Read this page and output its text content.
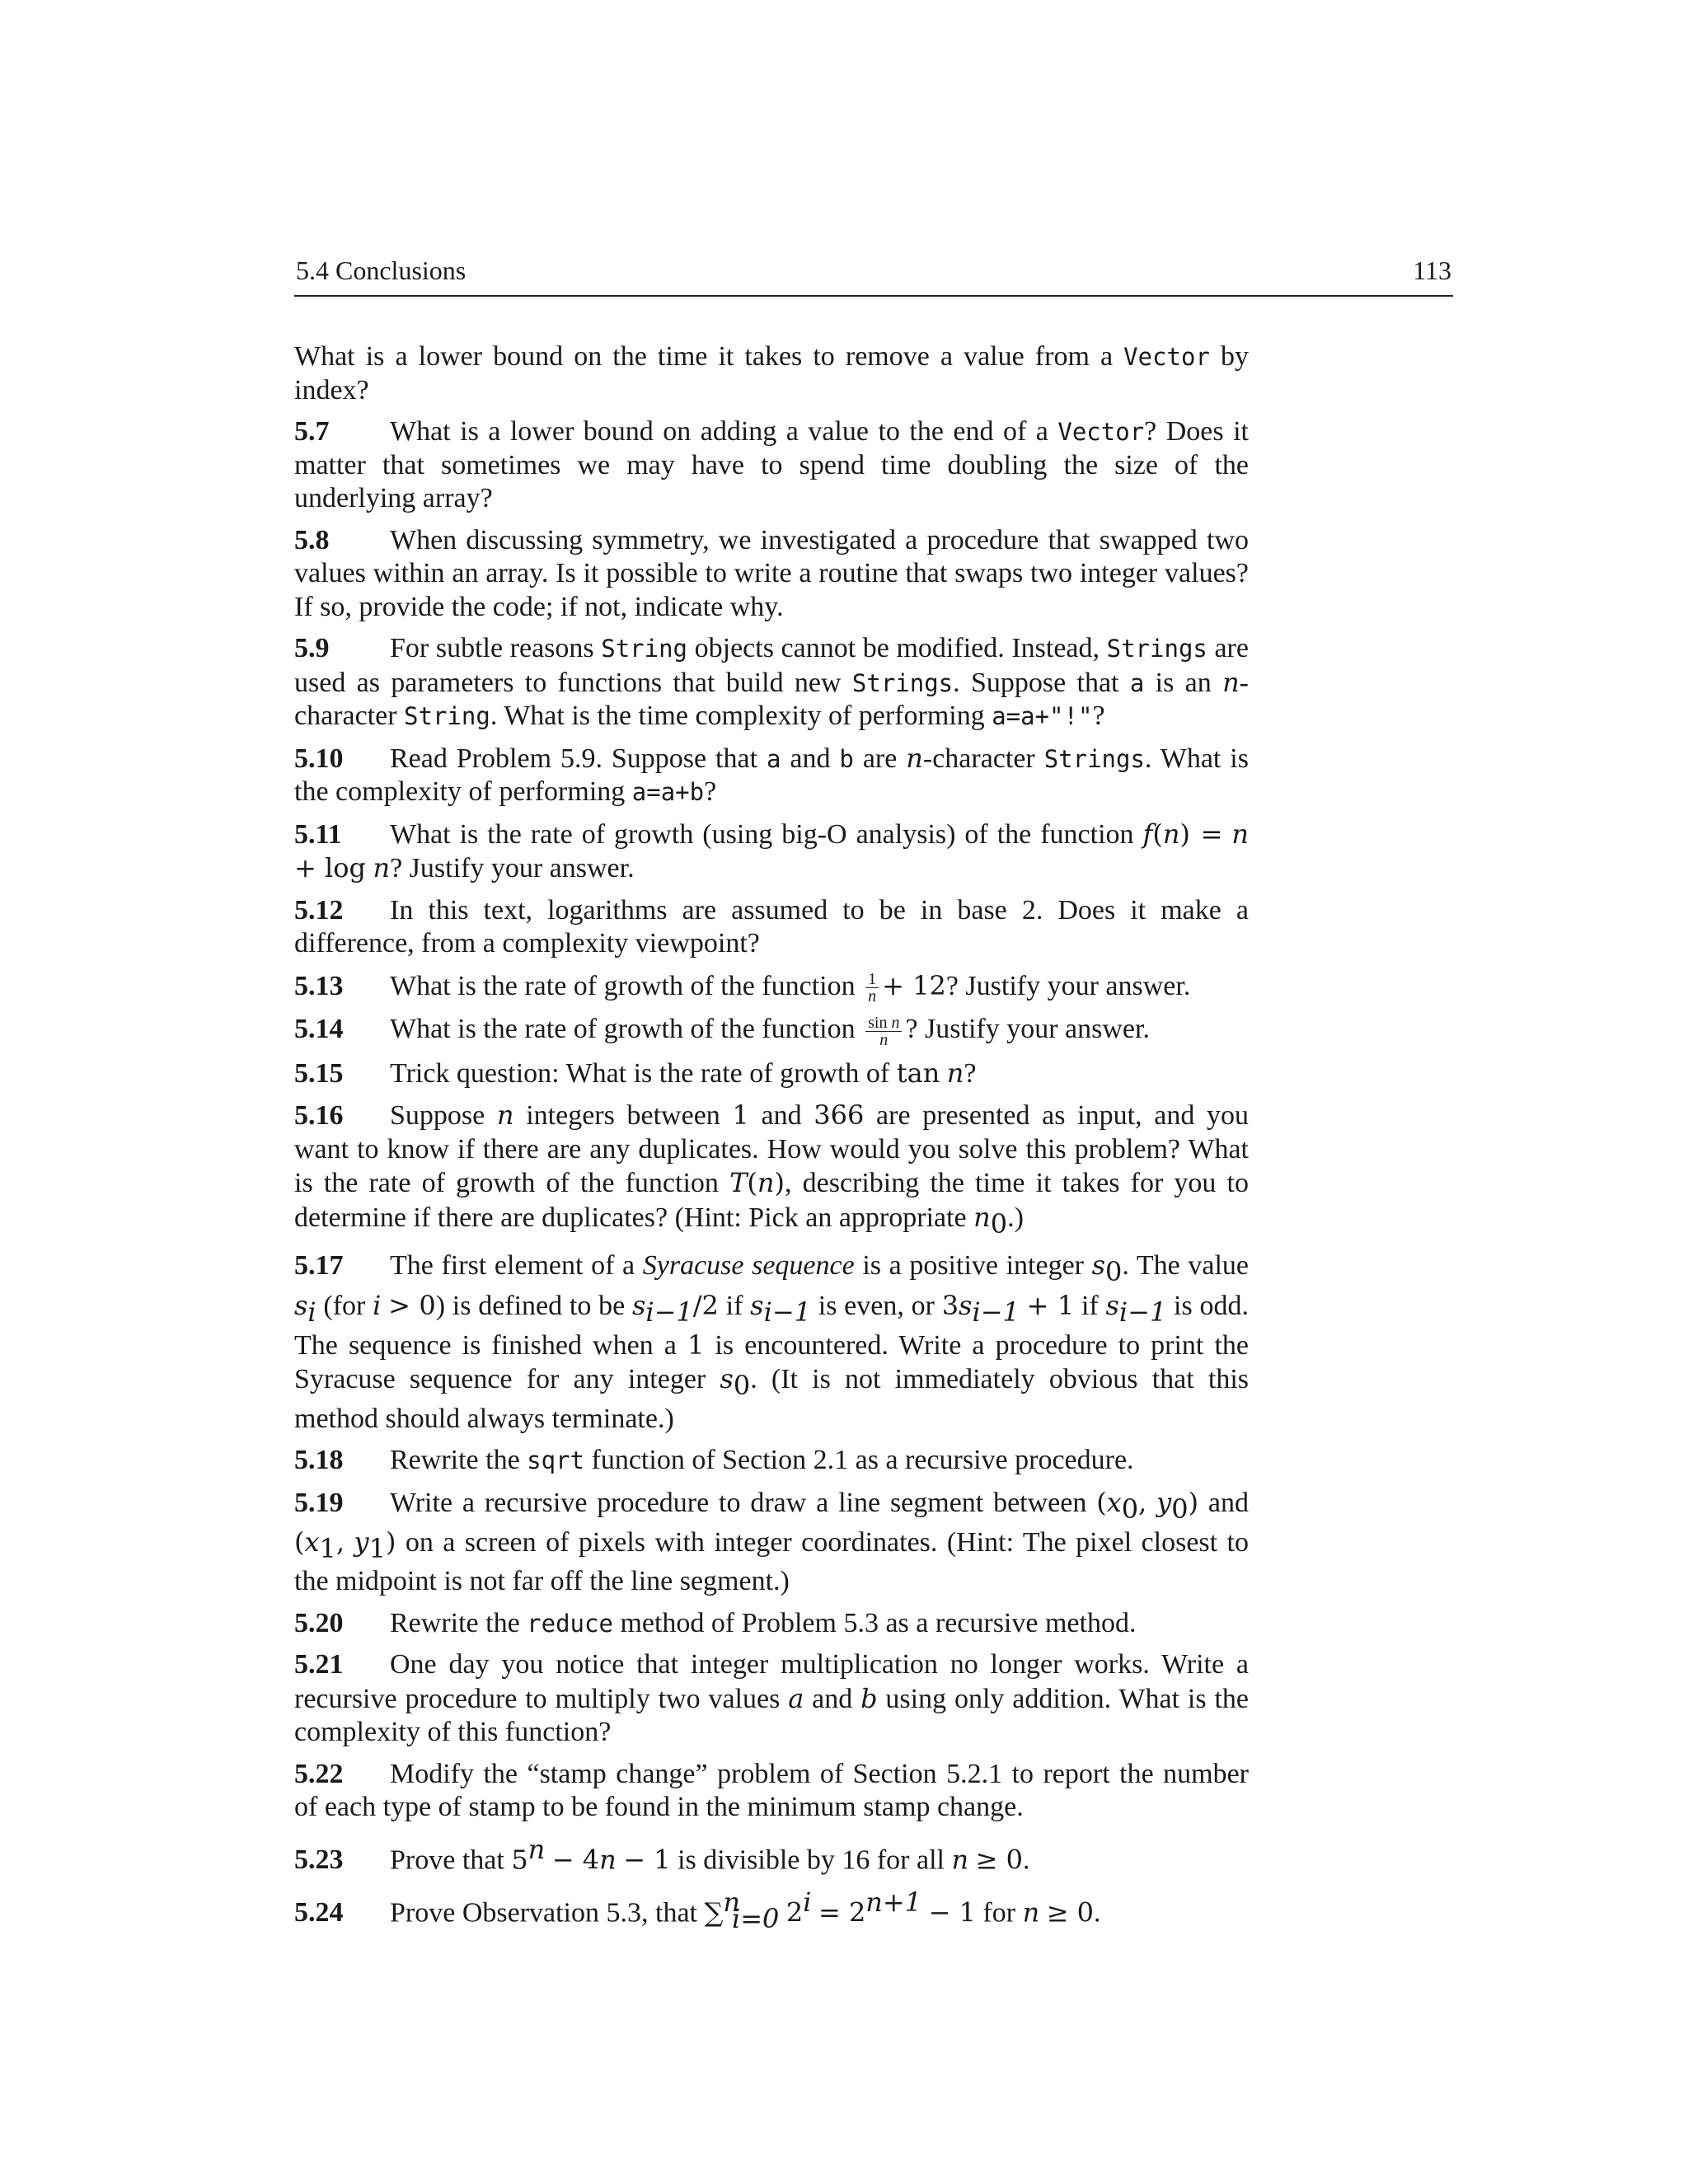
5.4 Conclusions	113

What is a lower bound on the time it takes to remove a value from a Vector by index?

5.7 What is a lower bound on adding a value to the end of a Vector? Does it matter that sometimes we may have to spend time doubling the size of the underlying array?

5.8 When discussing symmetry, we investigated a procedure that swapped two values within an array. Is it possible to write a routine that swaps two integer values? If so, provide the code; if not, indicate why.

5.9 For subtle reasons String objects cannot be modified. Instead, Strings are used as parameters to functions that build new Strings. Suppose that a is an n-character String. What is the time complexity of performing a=a+"!"?

5.10 Read Problem 5.9. Suppose that a and b are n-character Strings. What is the complexity of performing a=a+b?

5.11 What is the rate of growth (using big-O analysis) of the function f(n) = n + log n? Justify your answer.

5.12 In this text, logarithms are assumed to be in base 2. Does it make a difference, from a complexity viewpoint?

5.13 What is the rate of growth of the function $\frac{1}{n} + 12$? Justify your answer.

5.14 What is the rate of growth of the function $\frac{\text{sin n}}{n}$ ? Justify your answer.

5.15 Trick question: What is the rate of growth of tan n?

5.16 Suppose n integers between 1 and 366 are presented as input, and you want to know if there are any duplicates. How would you solve this problem? What is the rate of growth of the function T(n), describing the time it takes for you to determine if there are duplicates? (Hint: Pick an appropriate $n_0$.)

5.17 The first element of a Syracuse sequence is a positive integer $s_0$. The value $s_i$ (for i > 0) is defined to be $s_{i-1}/2$ if $s_{i-1}$ is even, or $3s_{i-1} + 1$ if $s_{i-1}$ is odd. The sequence is finished when a 1 is encountered. Write a procedure to print the Syracuse sequence for any integer $s_0$. (It is not immediately obvious that this method should always terminate.)

5.18 Rewrite the sqrt function of Section 2.1 as a recursive procedure.

5.19 Write a recursive procedure to draw a line segment between ($x_0$, $y_0$) and ($x_1$, $y_1$) on a screen of pixels with integer coordinates. (Hint: The pixel closest to the midpoint is not far off the line segment.)

5.20 Rewrite the reduce method of Problem 5.3 as a recursive method.

5.21 One day you notice that integer multiplication no longer works. Write a recursive procedure to multiply two values a and b using only addition. What is the complexity of this function?

5.22 Modify the “stamp change” problem of Section 5.2.1 to report the number of each type of stamp to be found in the minimum stamp change.

5.23 Prove that $5^n - 4n - 1$ is divisible by 16 for all n ≥ 0.

5.24 Prove Observation 5.3, that ∑$^n_{i=0}$ $2^i = 2^{n+1} - 1$ for n ≥ 0.
